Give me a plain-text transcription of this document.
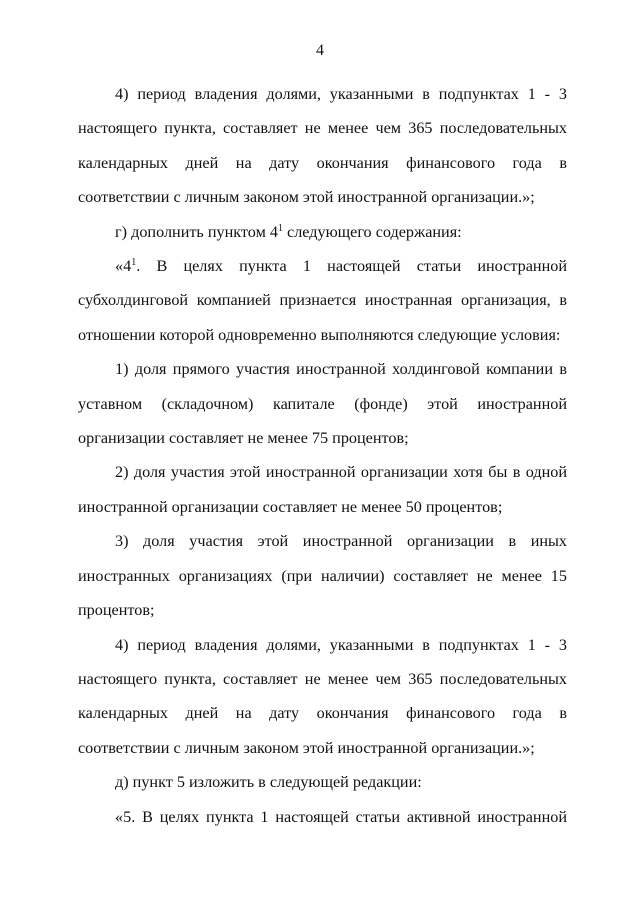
4

4) период владения долями, указанными в подпунктах 1 - 3 настоящего пункта, составляет не менее чем 365 последовательных календарных дней на дату окончания финансового года в соответствии с личным законом этой иностранной организации.»;

г) дополнить пунктом $4^1$ следующего содержания:

«$4^1$. В целях пункта 1 настоящей статьи иностранной субхолдинговой компанией признается иностранная организация, в отношении которой одновременно выполняются следующие условия:

1) доля прямого участия иностранной холдинговой компании в уставном (складочном) капитале (фонде) этой иностранной организации составляет не менее 75 процентов;

2) доля участия этой иностранной организации хотя бы в одной иностранной организации составляет не менее 50 процентов;

3) доля участия этой иностранной организации в иных иностранных организациях (при наличии) составляет не менее 15 процентов;

4) период владения долями, указанными в подпунктах 1 - 3 настоящего пункта, составляет не менее чем 365 последовательных календарных дней на дату окончания финансового года в соответствии с личным законом этой иностранной организации.»;

д) пункт 5 изложить в следующей редакции:

«5. В целях пункта 1 настоящей статьи активной иностранной
